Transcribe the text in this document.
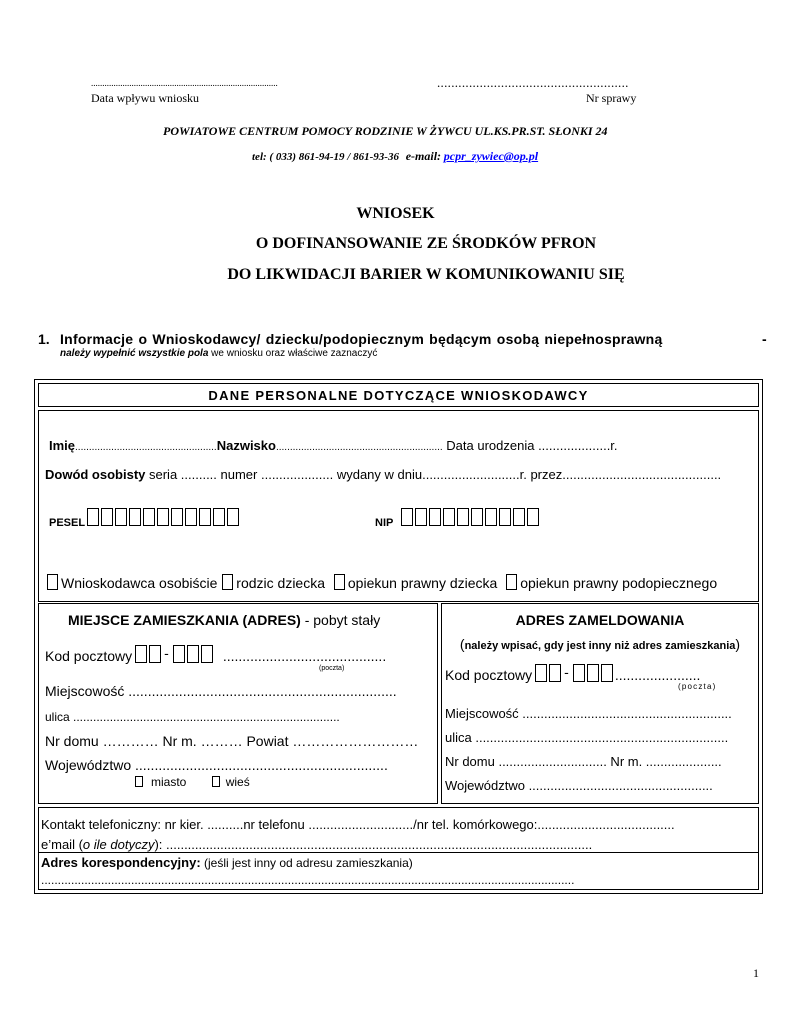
...................................................................................
Data wpływu wniosku
......................................................
Nr sprawy
POWIATOWE CENTRUM POMOCY RODZINIE W ŻYWCU UL.KS.PR.ST. SŁONKI 24
tel: ( 033) 861-94-19 / 861-93-36 e-mail: pcpr_zywiec@op.pl
WNIOSEK
O DOFINANSOWANIE ZE ŚRODKÓW PFRON
DO LIKWIDACJI BARIER W KOMUNIKOWANIU SIĘ
1. Informacje o Wnioskodawcy/ dziecku/podopiecznym będącym osobą niepełnosprawną	-
należy wypełnić wszystkie pola we wniosku oraz właściwe zaznaczyć
DANE PERSONALNE DOTYCZĄCE WNIOSKODAWCY
Imię...................................................Nazwisko............................................................ Data urodzenia ....................r.
Dowód osobisty seria .......... numer .................... wydany w dniu...........................r. przez............................................
PESEL	NIP
Wnioskodawca osobiście rodzic dziecka opiekun prawny dziecka opiekun prawny podopiecznego
MIEJSCE ZAMIESZKANIA (ADRES) - pobyt stały
Kod pocztowy -	..........................................
(poczta)
Miejscowość .....................................................................
ulica ................................................................................
Nr domu ………… Nr m. ……… Powiat ………………………
Województwo .................................................................
miasto	wieś
ADRES ZAMELDOWANIA
(należy wpisać, gdy jest inny niż adres zamieszkania)
Kod pocztowy -	......................
(poczta)
Miejscowość ..........................................................
ulica ......................................................................
Nr domu .............................. Nr m. .....................
Województwo ...................................................
Kontakt telefoniczny: nr kier. ..........nr telefonu ............................./nr tel. komórkowego:......................................
e’mail (o ile dotyczy): ......................................................................................................................
Adres korespondencyjny: (jeśli jest inny od adresu zamieszkania)
................................................................................................................................................................
1
